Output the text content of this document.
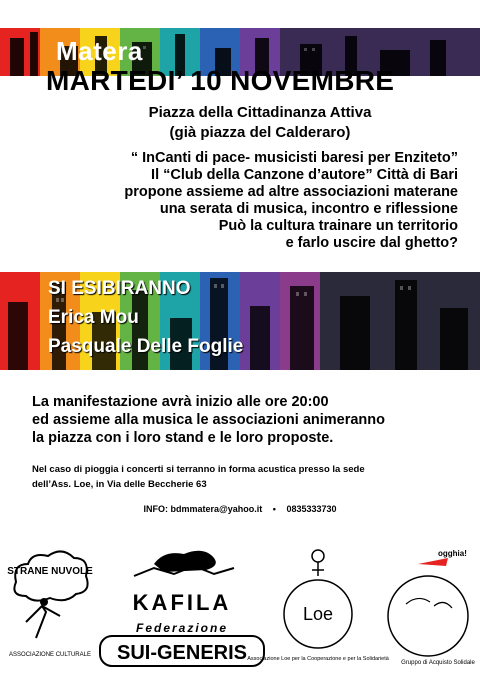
Matera
MARTEDI’ 10 NOVEMBRE
Piazza della Cittadinanza Attiva
(già piazza del Calderaro)
“ InCanti di pace- musicisti baresi per Enziteto”
Il “Club della Canzone d’autore” Città di Bari
propone assieme ad altre associazioni materane
una serata di musica, incontro e riflessione
Può la cultura trainare un territorio
e farlo uscire dal ghetto?
SI ESIBIRANNO
Erica Mou
Pasquale Delle Foglie
La manifestazione avrà inizio alle ore 20:00
ed assieme alla musica le associazioni animeranno
la piazza con i loro stand e le loro proposte.
Nel caso di pioggia i concerti si terranno in forma acustica presso la sede
dell’Ass. Loe, in Via delle Beccherie 63
INFO: bdmmatera@yahoo.it • 0835333730
STRANE NUVOLE
ASSOCIAZIONE CULTURALE
KAFILA
Federazione
SUI-GENERIS
Loe
Associazione Loe per la Cooperazione e per la Solidarietà
ogghia!
Gruppo di Acquisto Solidale
